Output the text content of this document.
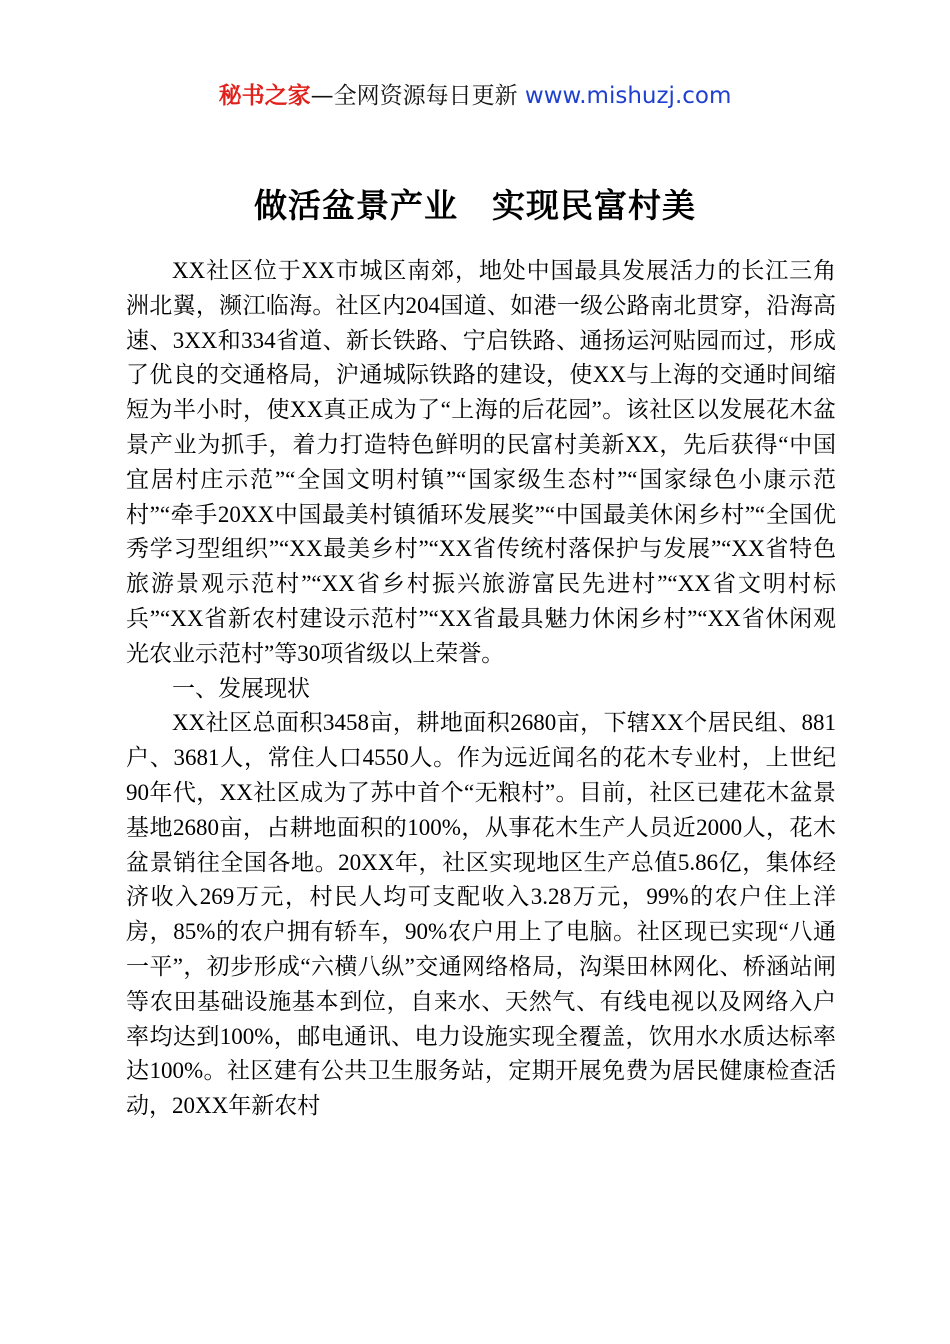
秘书之家—全网资源每日更新 www.mishuzj.com
做活盆景产业　实现民富村美

XX社区位于XX市城区南郊，地处中国最具发展活力的长江三角洲北翼，濒江临海。社区内204国道、如港一级公路南北贯穿，沿海高速、3XX和334省道、新长铁路、宁启铁路、通扬运河贴园而过，形成了优良的交通格局，沪通城际铁路的建设，使XX与上海的交通时间缩短为半小时，使XX真正成为了“上海的后花园”。该社区以发展花木盆景产业为抓手，着力打造特色鲜明的民富村美新XX，先后获得“中国宜居村庄示范”“全国文明村镇”“国家级生态村”“国家绿色小康示范村”“牵手20XX中国最美村镇循环发展奖”“中国最美休闲乡村”“全国优秀学习型组织”“XX最美乡村”“XX省传统村落保护与发展”“XX省特色旅游景观示范村”“XX省乡村振兴旅游富民先进村”“XX省文明村标兵”“XX省新农村建设示范村”“XX省最具魅力休闲乡村”“XX省休闲观光农业示范村”等30项省级以上荣誉。

一、发展现状

XX社区总面积3458亩，耕地面积2680亩，下辖XX个居民组、881户、3681人，常住人口4550人。作为远近闻名的花木专业村，上世纪90年代，XX社区成为了苏中首个“无粮村”。目前，社区已建花木盆景基地2680亩，占耕地面积的100%，从事花木生产人员近2000人，花木盆景销往全国各地。20XX年，社区实现地区生产总值5.86亿，集体经济收入269万元，村民人均可支配收入3.28万元，99%的农户住上洋房，85%的农户拥有轿车，90%农户用上了电脑。社区现已实现“八通一平”，初步形成“六横八纵”交通网络格局，沟渠田林网化、桥涵站闸等农田基础设施基本到位，自来水、天然气、有线电视以及网络入户率均达到100%，邮电通讯、电力设施实现全覆盖，饮用水水质达标率达100%。社区建有公共卫生服务站，定期开展免费为居民健康检查活动，20XX年新农村
